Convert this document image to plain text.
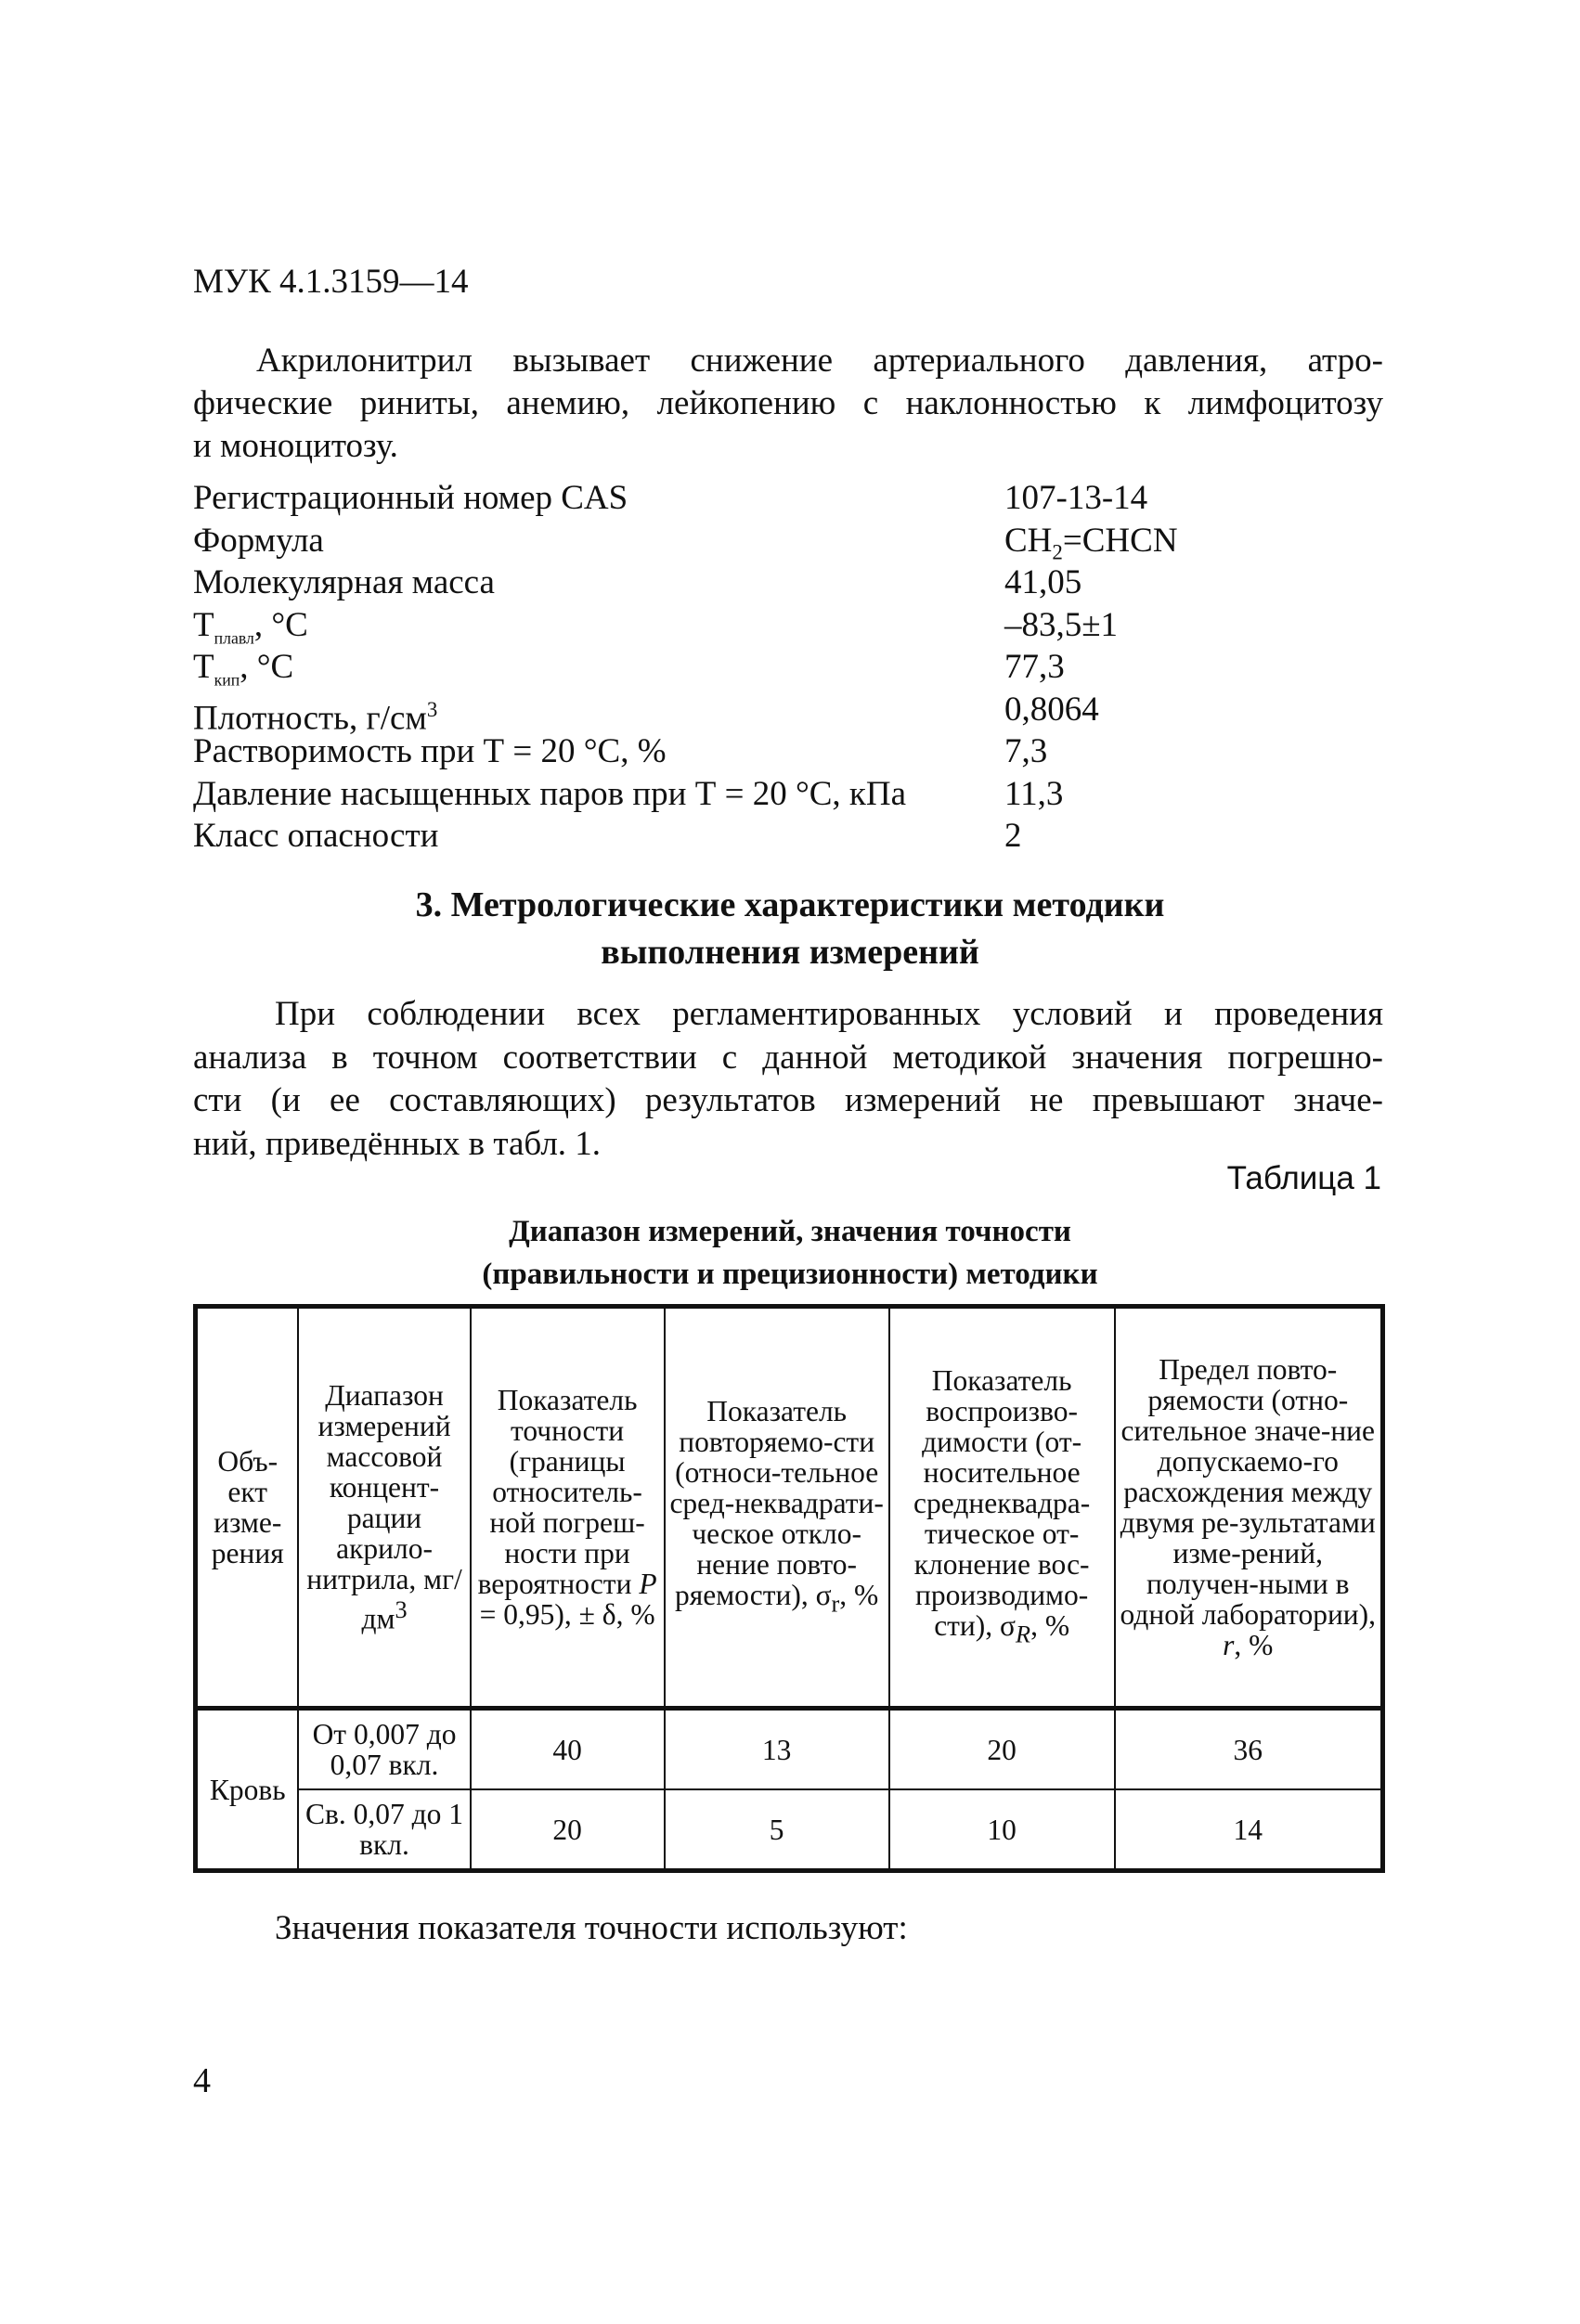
МУК 4.1.3159—14
Акрилонитрил вызывает снижение артериального давления, атро-
фические риниты, анемию, лейкопению с наклонностью к лимфоцитозу
и моноцитозу.
Регистрационный номер CAS	107-13-14
Формула	$CH_2=CHCN$
Молекулярная масса	41,05
$Т_{плавл}$, °С	–83,5±1
$Т_{кип}$, °С	77,3
Плотность, $г/см^3$	0,8064
Растворимость при Т = 20 °С, %	7,3
Давление насыщенных паров при Т = 20 °С, кПа	11,3
Класс опасности	2
3. Метрологические характеристики методики
выполнения измерений
При соблюдении всех регламентированных условий и проведения
анализа в точном соответствии с данной методикой значения погрешно-
сти (и ее составляющих) результатов измерений не превышают значе-
ний, приведённых в табл. 1.
Таблица 1
Диапазон измерений, значения точности
(правильности и прецизионности) методики
Объ-ект изме-рения	Диапазон измерений массовой концент-рации акрило-нитрила, $мг/дм^3$	Показатель точности (границы относитель-ной погреш-ности при вероятности P = 0,95), ± δ, %	Показатель повторяемо-сти (относи-тельное сред-неквадрати-ческое откло-нение повто-ряемости), $\sigma_r$, %	Показатель воспроизво-димости (от-носительное среднеквадра-тическое от-клонение вос-производимо-сти), $\sigma_R$, %	Предел повто-ряемости (отно-сительное значе-ние допускаемо-го расхождения между двумя ре-зультатами изме-рений, получен-ными в одной лаборатории), r, %
Кровь	От 0,007 до 0,07 вкл.	40	13	20	36
	Св. 0,07 до 1 вкл.	20	5	10	14
Значения показателя точности используют:
4
